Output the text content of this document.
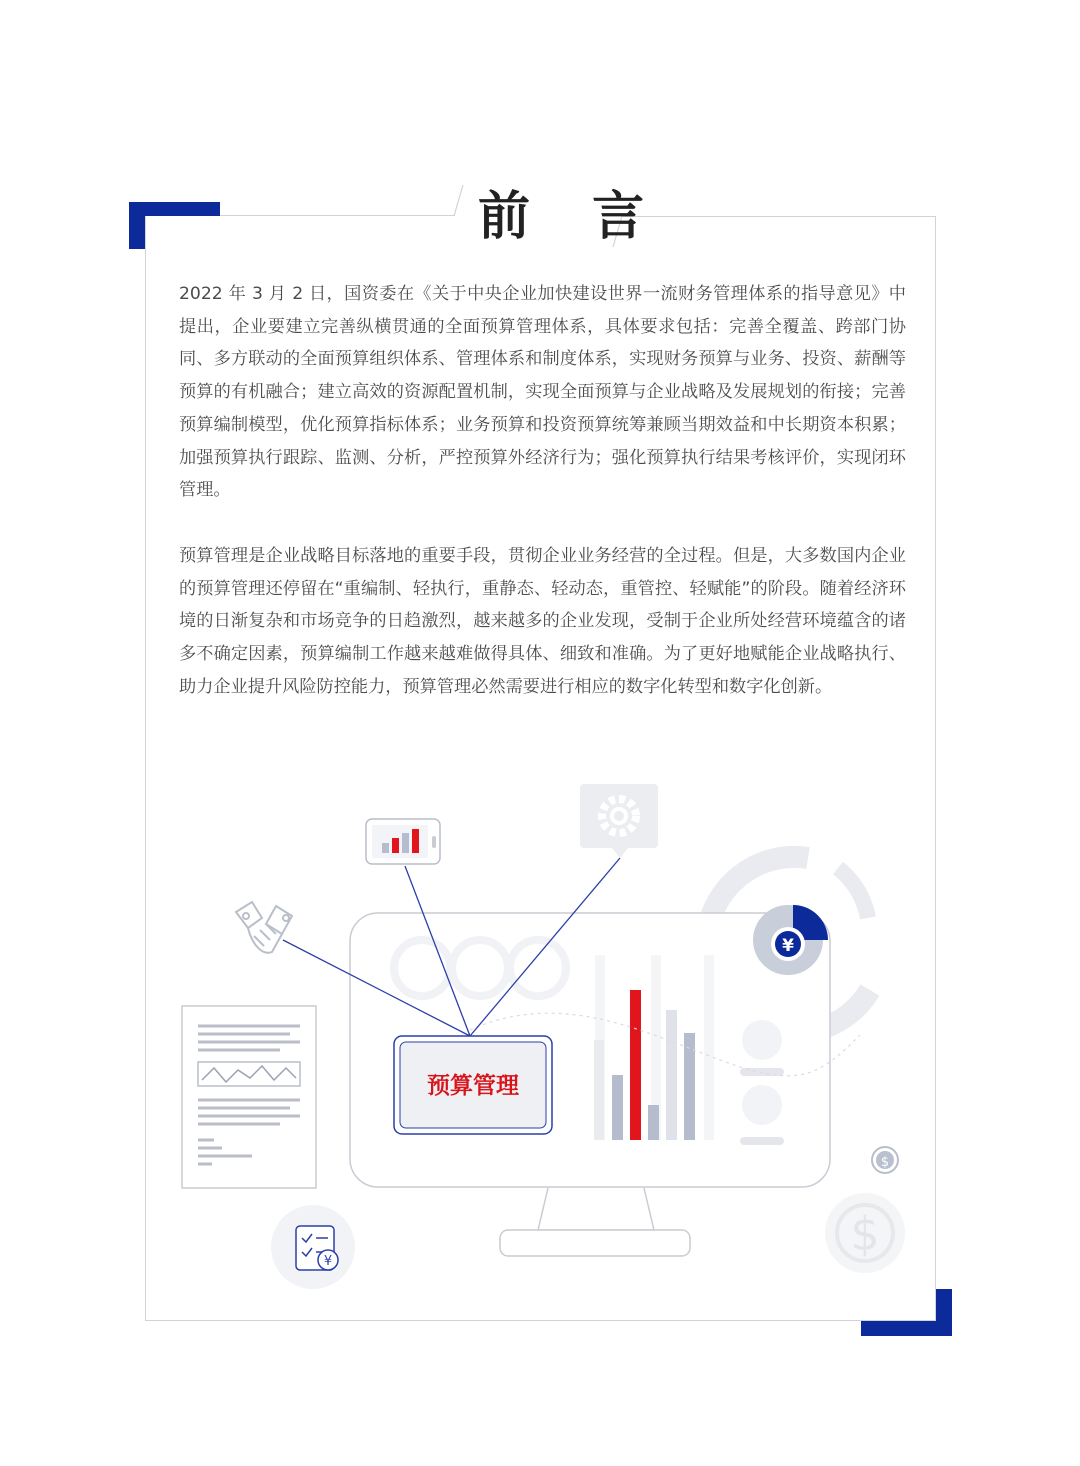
前 言

2022 年 3 月 2 日，国资委在《关于中央企业加快建设世界一流财务管理体系的指导意见》中提出，企业要建立完善纵横贯通的全面预算管理体系，具体要求包括：完善全覆盖、跨部门协同、多方联动的全面预算组织体系、管理体系和制度体系，实现财务预算与业务、投资、薪酬等预算的有机融合；建立高效的资源配置机制，实现全面预算与企业战略及发展规划的衔接；完善预算编制模型，优化预算指标体系；业务预算和投资预算统筹兼顾当期效益和中长期资本积累；加强预算执行跟踪、监测、分析，严控预算外经济行为；强化预算执行结果考核评价，实现闭环管理。

预算管理是企业战略目标落地的重要手段，贯彻企业业务经营的全过程。但是，大多数国内企业的预算管理还停留在“重编制、轻执行，重静态、轻动态，重管控、轻赋能”的阶段。随着经济环境的日渐复杂和市场竞争的日趋激烈，越来越多的企业发现，受制于企业所处经营环境蕴含的诸多不确定因素，预算编制工作越来越难做得具体、细致和准确。为了更好地赋能企业战略执行、助力企业提升风险防控能力，预算管理必然需要进行相应的数字化转型和数字化创新。

¥
¥
$
$
预算管理
